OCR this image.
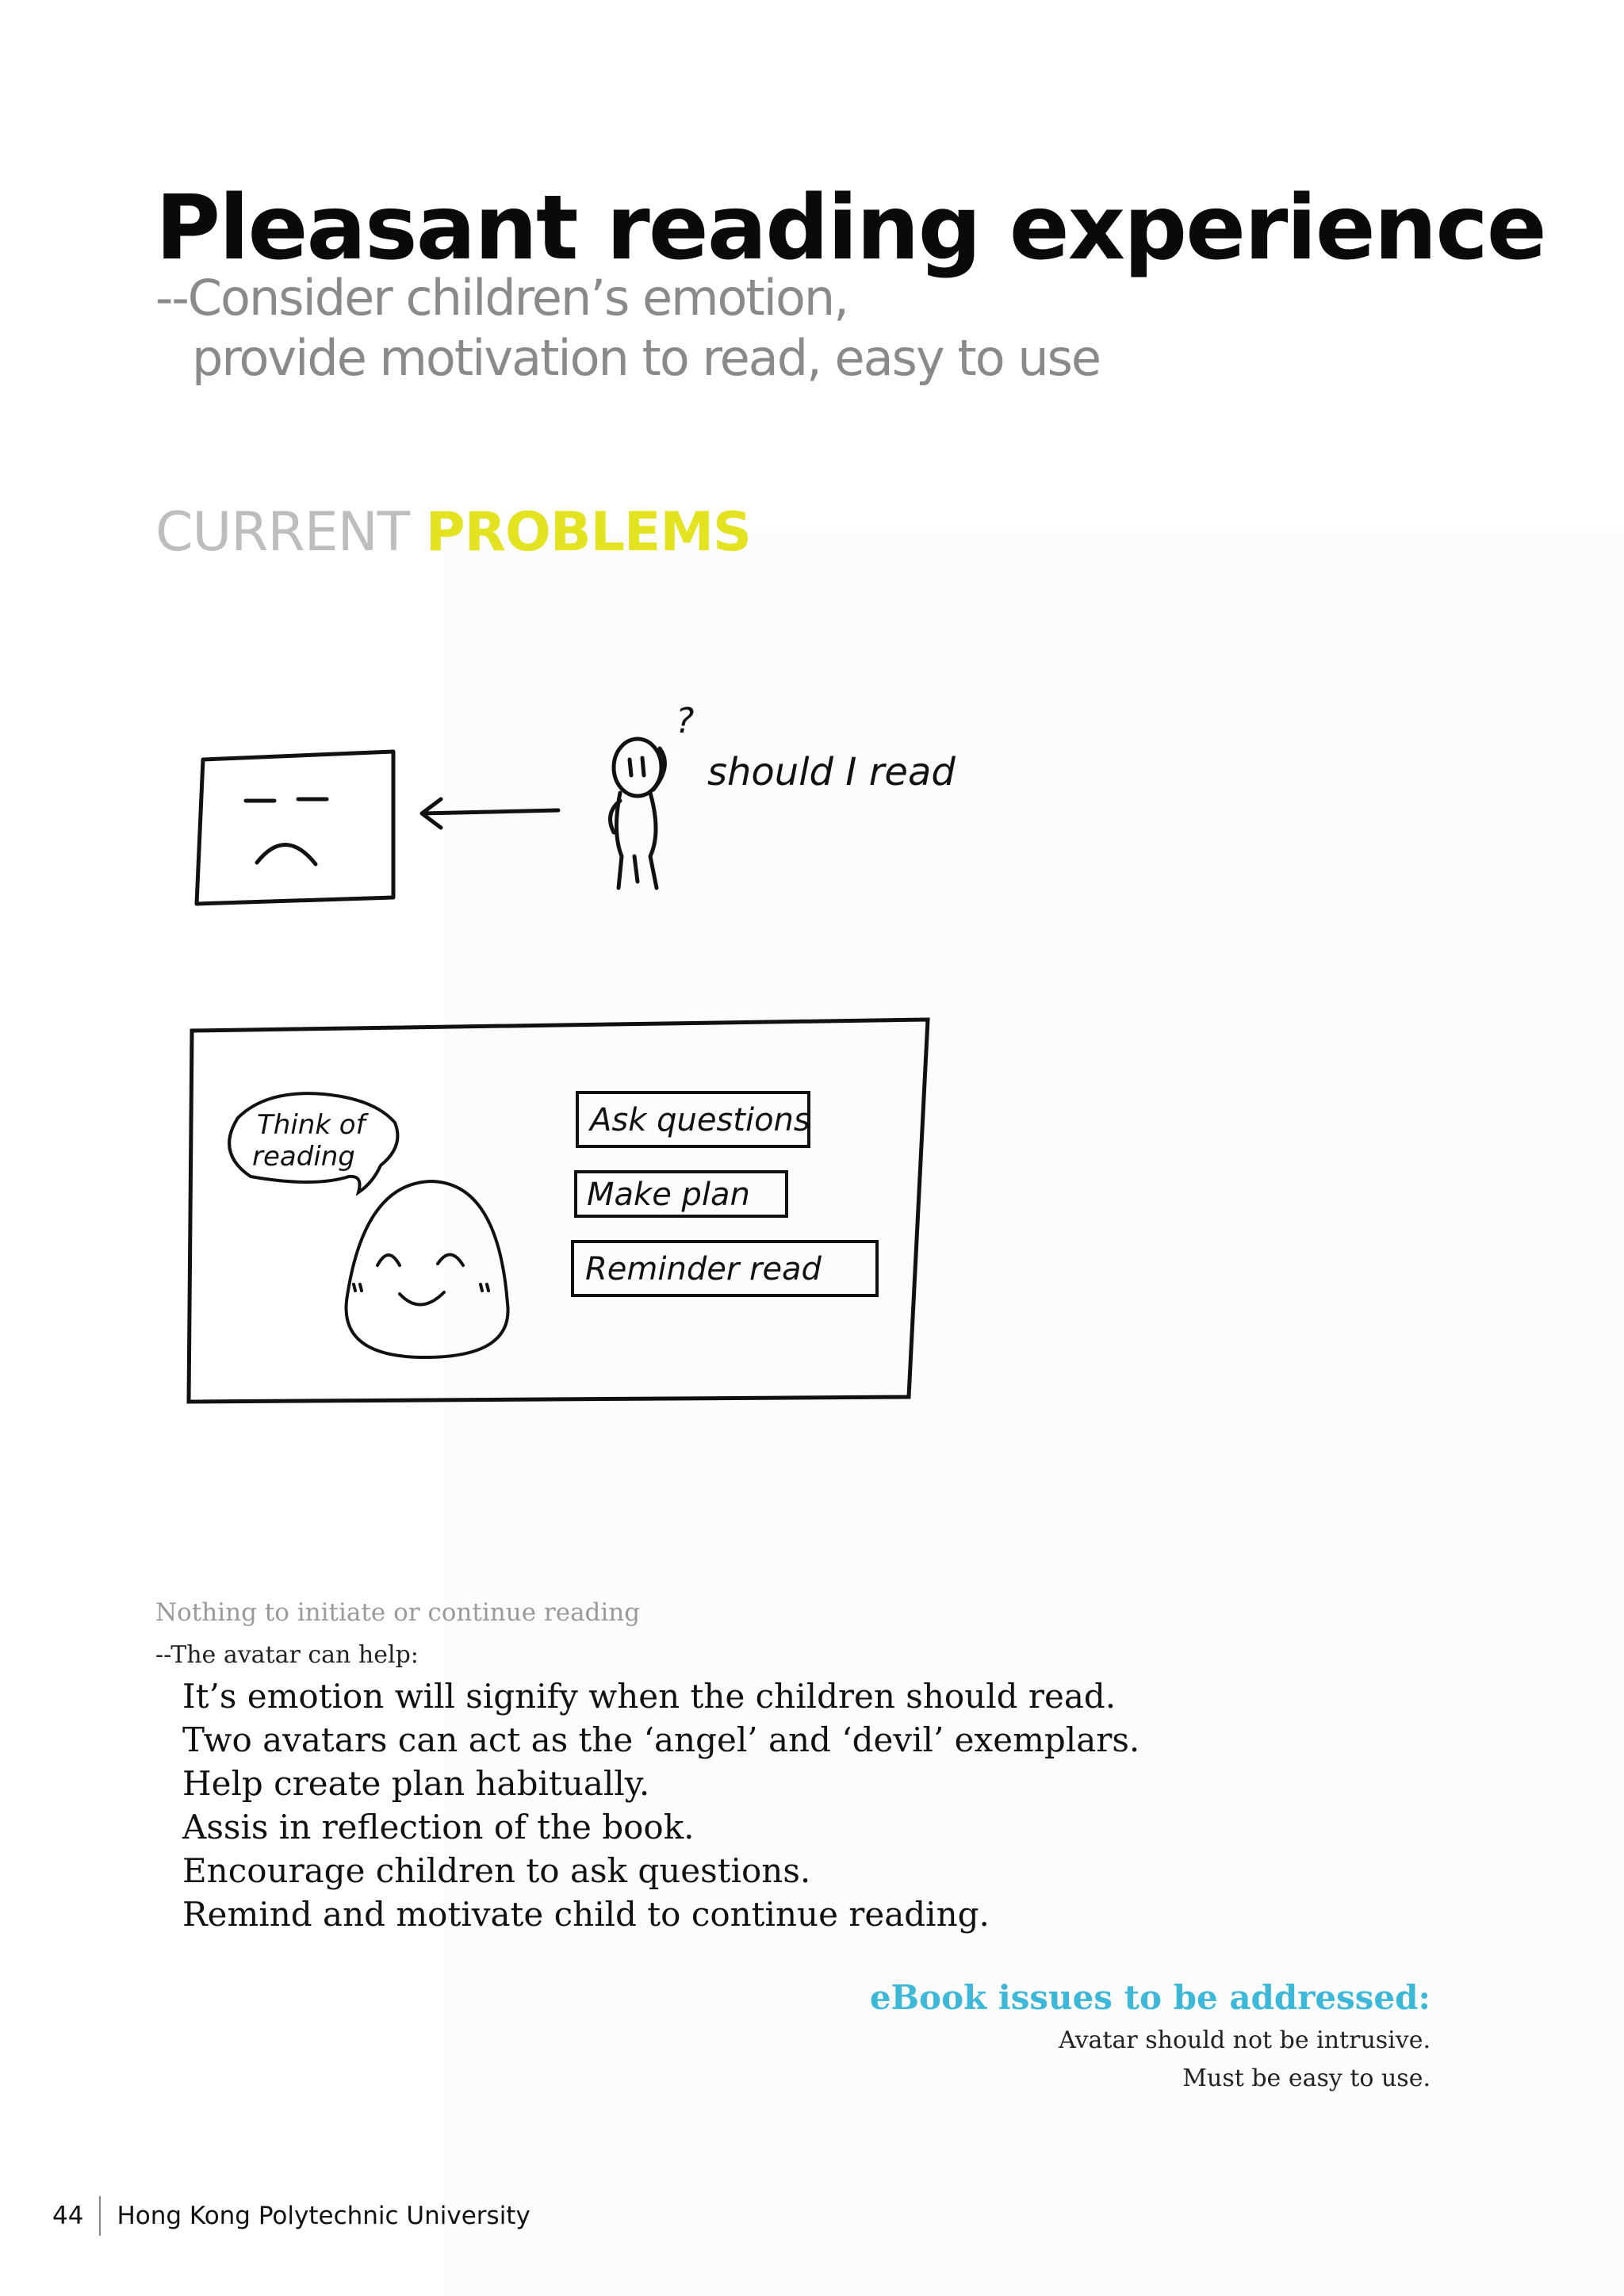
Pleasant reading experience
--Consider children’s emotion,
provide motivation to read, easy to use
CURRENT PROBLEMS
?
should I read
Think of
reading
Ask questions
Make plan
Reminder read
Nothing to initiate or continue reading
--The avatar can help:
It’s emotion will signify when the children should read.
Two avatars can act as the ‘angel’ and ‘devil’ exemplars.
Help create plan habitually.
Assis in reflection of the book.
Encourage children to ask questions.
Remind and motivate child to continue reading.
eBook issues to be addressed:
Avatar should not be intrusive.
Must be easy to use.
44 Hong Kong Polytechnic University
